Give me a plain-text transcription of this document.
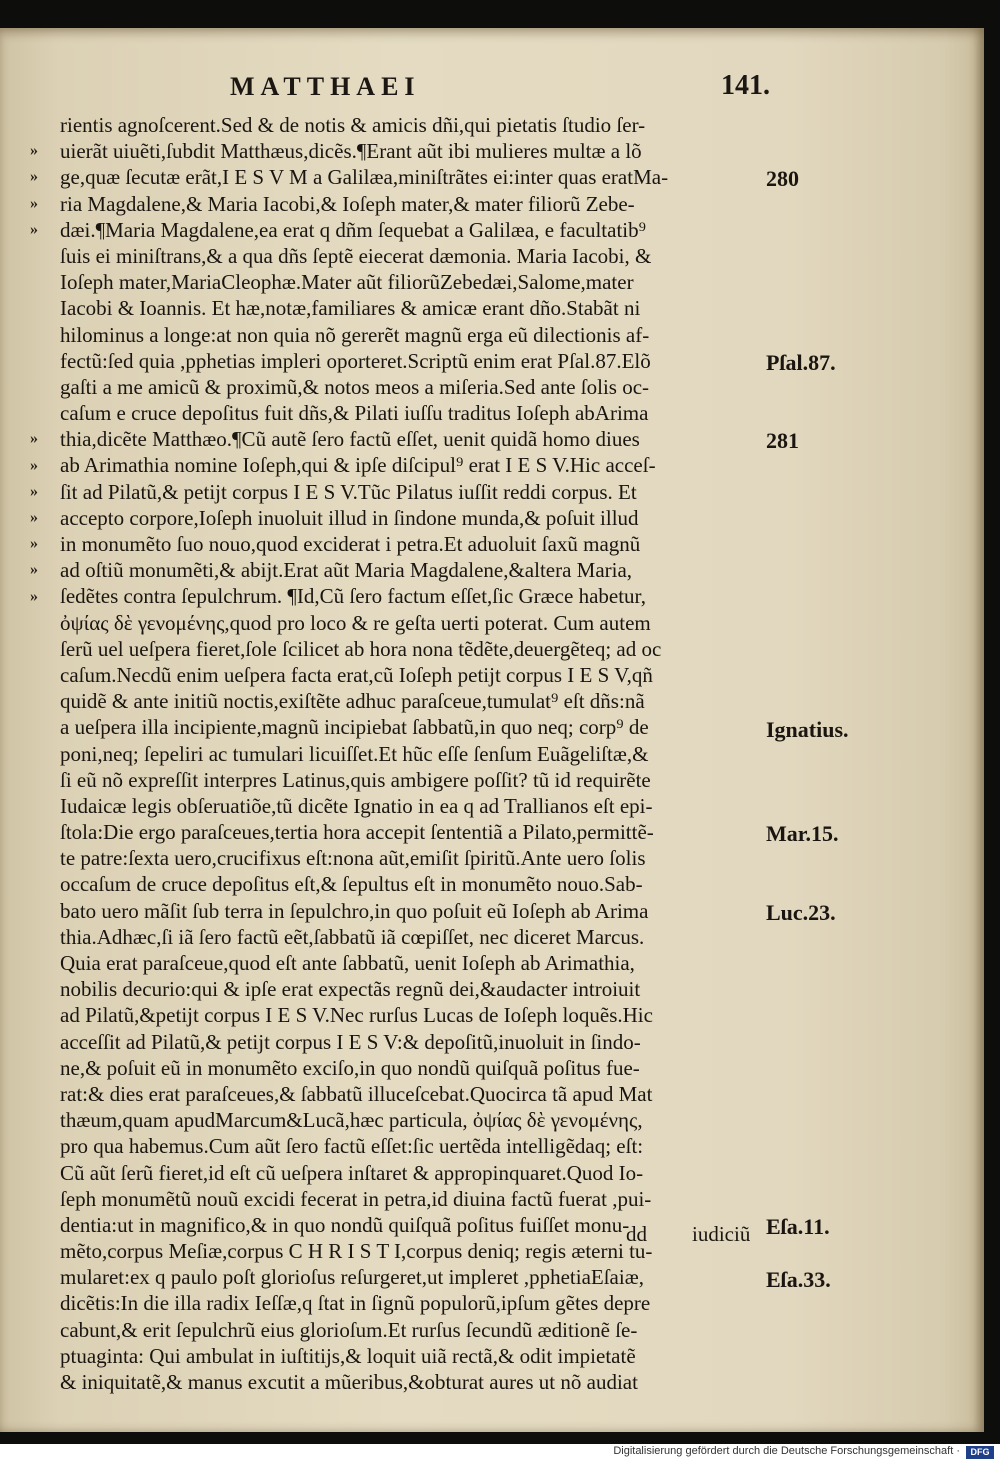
MATTHAEI	141.
»
»
»
»
»
»
»
»
»
»
»
rientis agnoſcerent.Sed & de notis & amicis dñi,qui pietatis ſtudio ſer-
uierãt uiuẽti,ſubdit Matthæus,dicẽs.¶Erant aũt ibi mulieres multæ a lõ
ge,quæ ſecutæ erãt,I E S V M a Galilæa,miniſtrãtes ei:inter quas eratMa-
ria Magdalene,& Maria Iacobi,& Ioſeph mater,& mater filiorũ Zebe-
dæi.¶Maria Magdalene,ea erat q dñm ſequebat a Galilæa, e facultatib⁹
ſuis ei miniſtrans,& a qua dñs ſeptẽ eiecerat dæmonia. Maria Iacobi, &
Ioſeph mater,MariaCleophæ.Mater aũt filiorũZebedæi,Salome,mater
Iacobi & Ioannis. Et hæ,notæ,familiares & amicæ erant dño.Stabãt ni
hilominus a longe:at non quia nõ gererẽt magnũ erga eũ dilectionis af-
fectũ:ſed quia ,pphetias impleri oporteret.Scriptũ enim erat Pſal.87.Elõ
gaſti a me amicũ & proximũ,& notos meos a miſeria.Sed ante ſolis oc-
caſum e cruce depoſitus fuit dñs,& Pilati iuſſu traditus Ioſeph abArima
thia,dicẽte Matthæo.¶Cũ autẽ ſero factũ eſſet, uenit quidã homo diues
ab Arimathia nomine Ioſeph,qui & ipſe diſcipul⁹ erat I E S V.Hic acceſ-
ſit ad Pilatũ,& petijt corpus I E S V.Tũc Pilatus iuſſit reddi corpus. Et
accepto corpore,Ioſeph inuoluit illud in ſindone munda,& poſuit illud
in monumẽto ſuo nouo,quod exciderat i petra.Et aduoluit ſaxũ magnũ
ad oſtiũ monumẽti,& abijt.Erat aũt Maria Magdalene,&altera Maria,
ſedẽtes contra ſepulchrum. ¶Id,Cũ ſero factum eſſet,ſic Græce habetur,
ὀψίας δὲ γενομένης,quod pro loco & re geſta uerti poterat. Cum autem
ſerũ uel ueſpera fieret,ſole ſcilicet ab hora nona tẽdẽte,deuergẽteq; ad oc
caſum.Necdũ enim ueſpera facta erat,cũ Ioſeph petijt corpus I E S V,qñ
quidẽ & ante initiũ noctis,exiſtẽte adhuc paraſceue,tumulat⁹ eſt dñs:nã
a ueſpera illa incipiente,magnũ incipiebat ſabbatũ,in quo neq; corp⁹ de
poni,neq; ſepeliri ac tumulari licuiſſet.Et hũc eſſe ſenſum Euãgeliſtæ,&
ſi eũ nõ expreſſit interpres Latinus,quis ambigere poſſit? tũ id requirẽte
Iudaicæ legis obſeruatiõe,tũ dicẽte Ignatio in ea q ad Trallianos eſt epi-
ſtola:Die ergo paraſceues,tertia hora accepit ſententiã a Pilato,permittẽ-
te patre:ſexta uero,crucifixus eſt:nona aũt,emiſit ſpiritũ.Ante uero ſolis
occaſum de cruce depoſitus eſt,& ſepultus eſt in monumẽto nouo.Sab-
bato uero mãſit ſub terra in ſepulchro,in quo poſuit eũ Ioſeph ab Arima
thia.Adhæc,ſi iã ſero factũ eẽt,ſabbatũ iã cœpiſſet, nec diceret Marcus.
Quia erat paraſceue,quod eſt ante ſabbatũ, uenit Ioſeph ab Arimathia,
nobilis decurio:qui & ipſe erat expectãs regnũ dei,&audacter introiuit
ad Pilatũ,&petijt corpus I E S V.Nec rurſus Lucas de Ioſeph loquẽs.Hic
acceſſit ad Pilatũ,& petijt corpus I E S V:& depoſitũ,inuoluit in ſindo-
ne,& poſuit eũ in monumẽto exciſo,in quo nondũ quiſquã poſitus fue-
rat:& dies erat paraſceues,& ſabbatũ illuceſcebat.Quocirca tã apud Mat
thæum,quam apudMarcum&Lucã,hæc particula, ὀψίας δὲ γενομένης,
pro qua habemus.Cum aũt ſero factũ eſſet:ſic uertẽda intelligẽdaq; eſt:
Cũ aũt ſerũ fieret,id eſt cũ ueſpera inſtaret & appropinquaret.Quod Io-
ſeph monumẽtũ nouũ excidi fecerat in petra,id diuina factũ fuerat ,pui-
dentia:ut in magnifico,& in quo nondũ quiſquã poſitus fuiſſet monu-
mẽto,corpus Meſiæ,corpus C H R I S T I,corpus deniq; regis æterni tu-
mularet:ex q paulo poſt glorioſus reſurgeret,ut impleret ,pphetiaEſaiæ,
dicẽtis:In die illa radix Ieſſæ,q ſtat in ſignũ populorũ,ipſum gẽtes depre
cabunt,& erit ſepulchrũ eius glorioſum.Et rurſus ſecundũ æditionẽ ſe-
ptuaginta: Qui ambulat in iuſtitijs,& loquit uiã rectã,& odit impietatẽ
& iniquitatẽ,& manus excutit a mũeribus,&obturat aures ut nõ audiat
280
Pſal.87.
281
Ignatius.
Mar.15.
Luc.23.
Eſa.11.
Eſa.33.
dd iudiciũ
Digitalisierung gefördert durch die Deutsche Forschungsgemeinschaft ·	DFG
